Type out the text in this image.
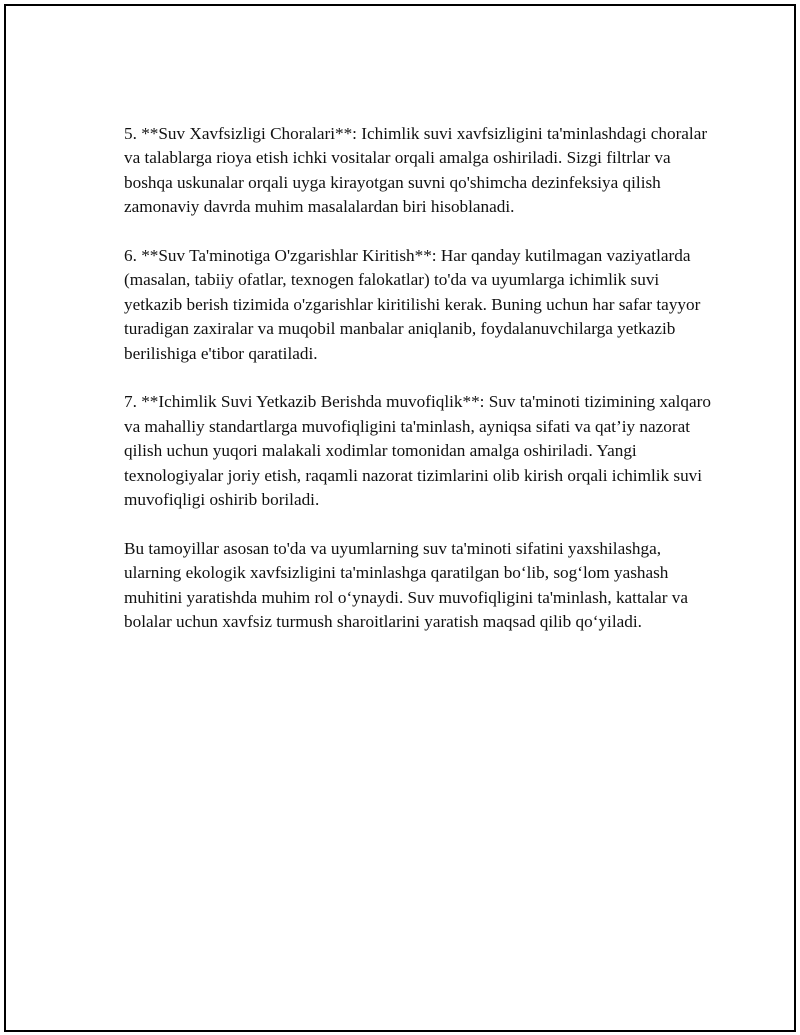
5. **Suv Xavfsizligi Choralari**: Ichimlik suvi xavfsizligini ta'minlashdagi choralar va talablarga rioya etish ichki vositalar orqali amalga oshiriladi. Sizgi filtrlar va boshqa uskunalar orqali uyga kirayotgan suvni qo'shimcha dezinfeksiya qilish zamonaviy davrda muhim masalalardan biri hisoblanadi.

6. **Suv Ta'minotiga O'zgarishlar Kiritish**: Har qanday kutilmagan vaziyatlarda (masalan, tabiiy ofatlar, texnogen falokatlar) to'da va uyumlarga ichimlik suvi yetkazib berish tizimida o'zgarishlar kiritilishi kerak. Buning uchun har safar tayyor turadigan zaxiralar va muqobil manbalar aniqlanib, foydalanuvchilarga yetkazib berilishiga e'tibor qaratiladi.

7. **Ichimlik Suvi Yetkazib Berishda muvofiqlik**: Suv ta'minoti tizimining xalqaro va mahalliy standartlarga muvofiqligini ta'minlash, ayniqsa sifati va qat’iy nazorat qilish uchun yuqori malakali xodimlar tomonidan amalga oshiriladi. Yangi texnologiyalar joriy etish, raqamli nazorat tizimlarini olib kirish orqali ichimlik suvi muvofiqligi oshirib boriladi.

Bu tamoyillar asosan to'da va uyumlarning suv ta'minoti sifatini yaxshilashga, ularning ekologik xavfsizligini ta'minlashga qaratilgan bo‘lib, sog‘lom yashash muhitini yaratishda muhim rol o‘ynaydi. Suv muvofiqligini ta'minlash, kattalar va bolalar uchun xavfsiz turmush sharoitlarini yaratish maqsad qilib qo‘yiladi.
